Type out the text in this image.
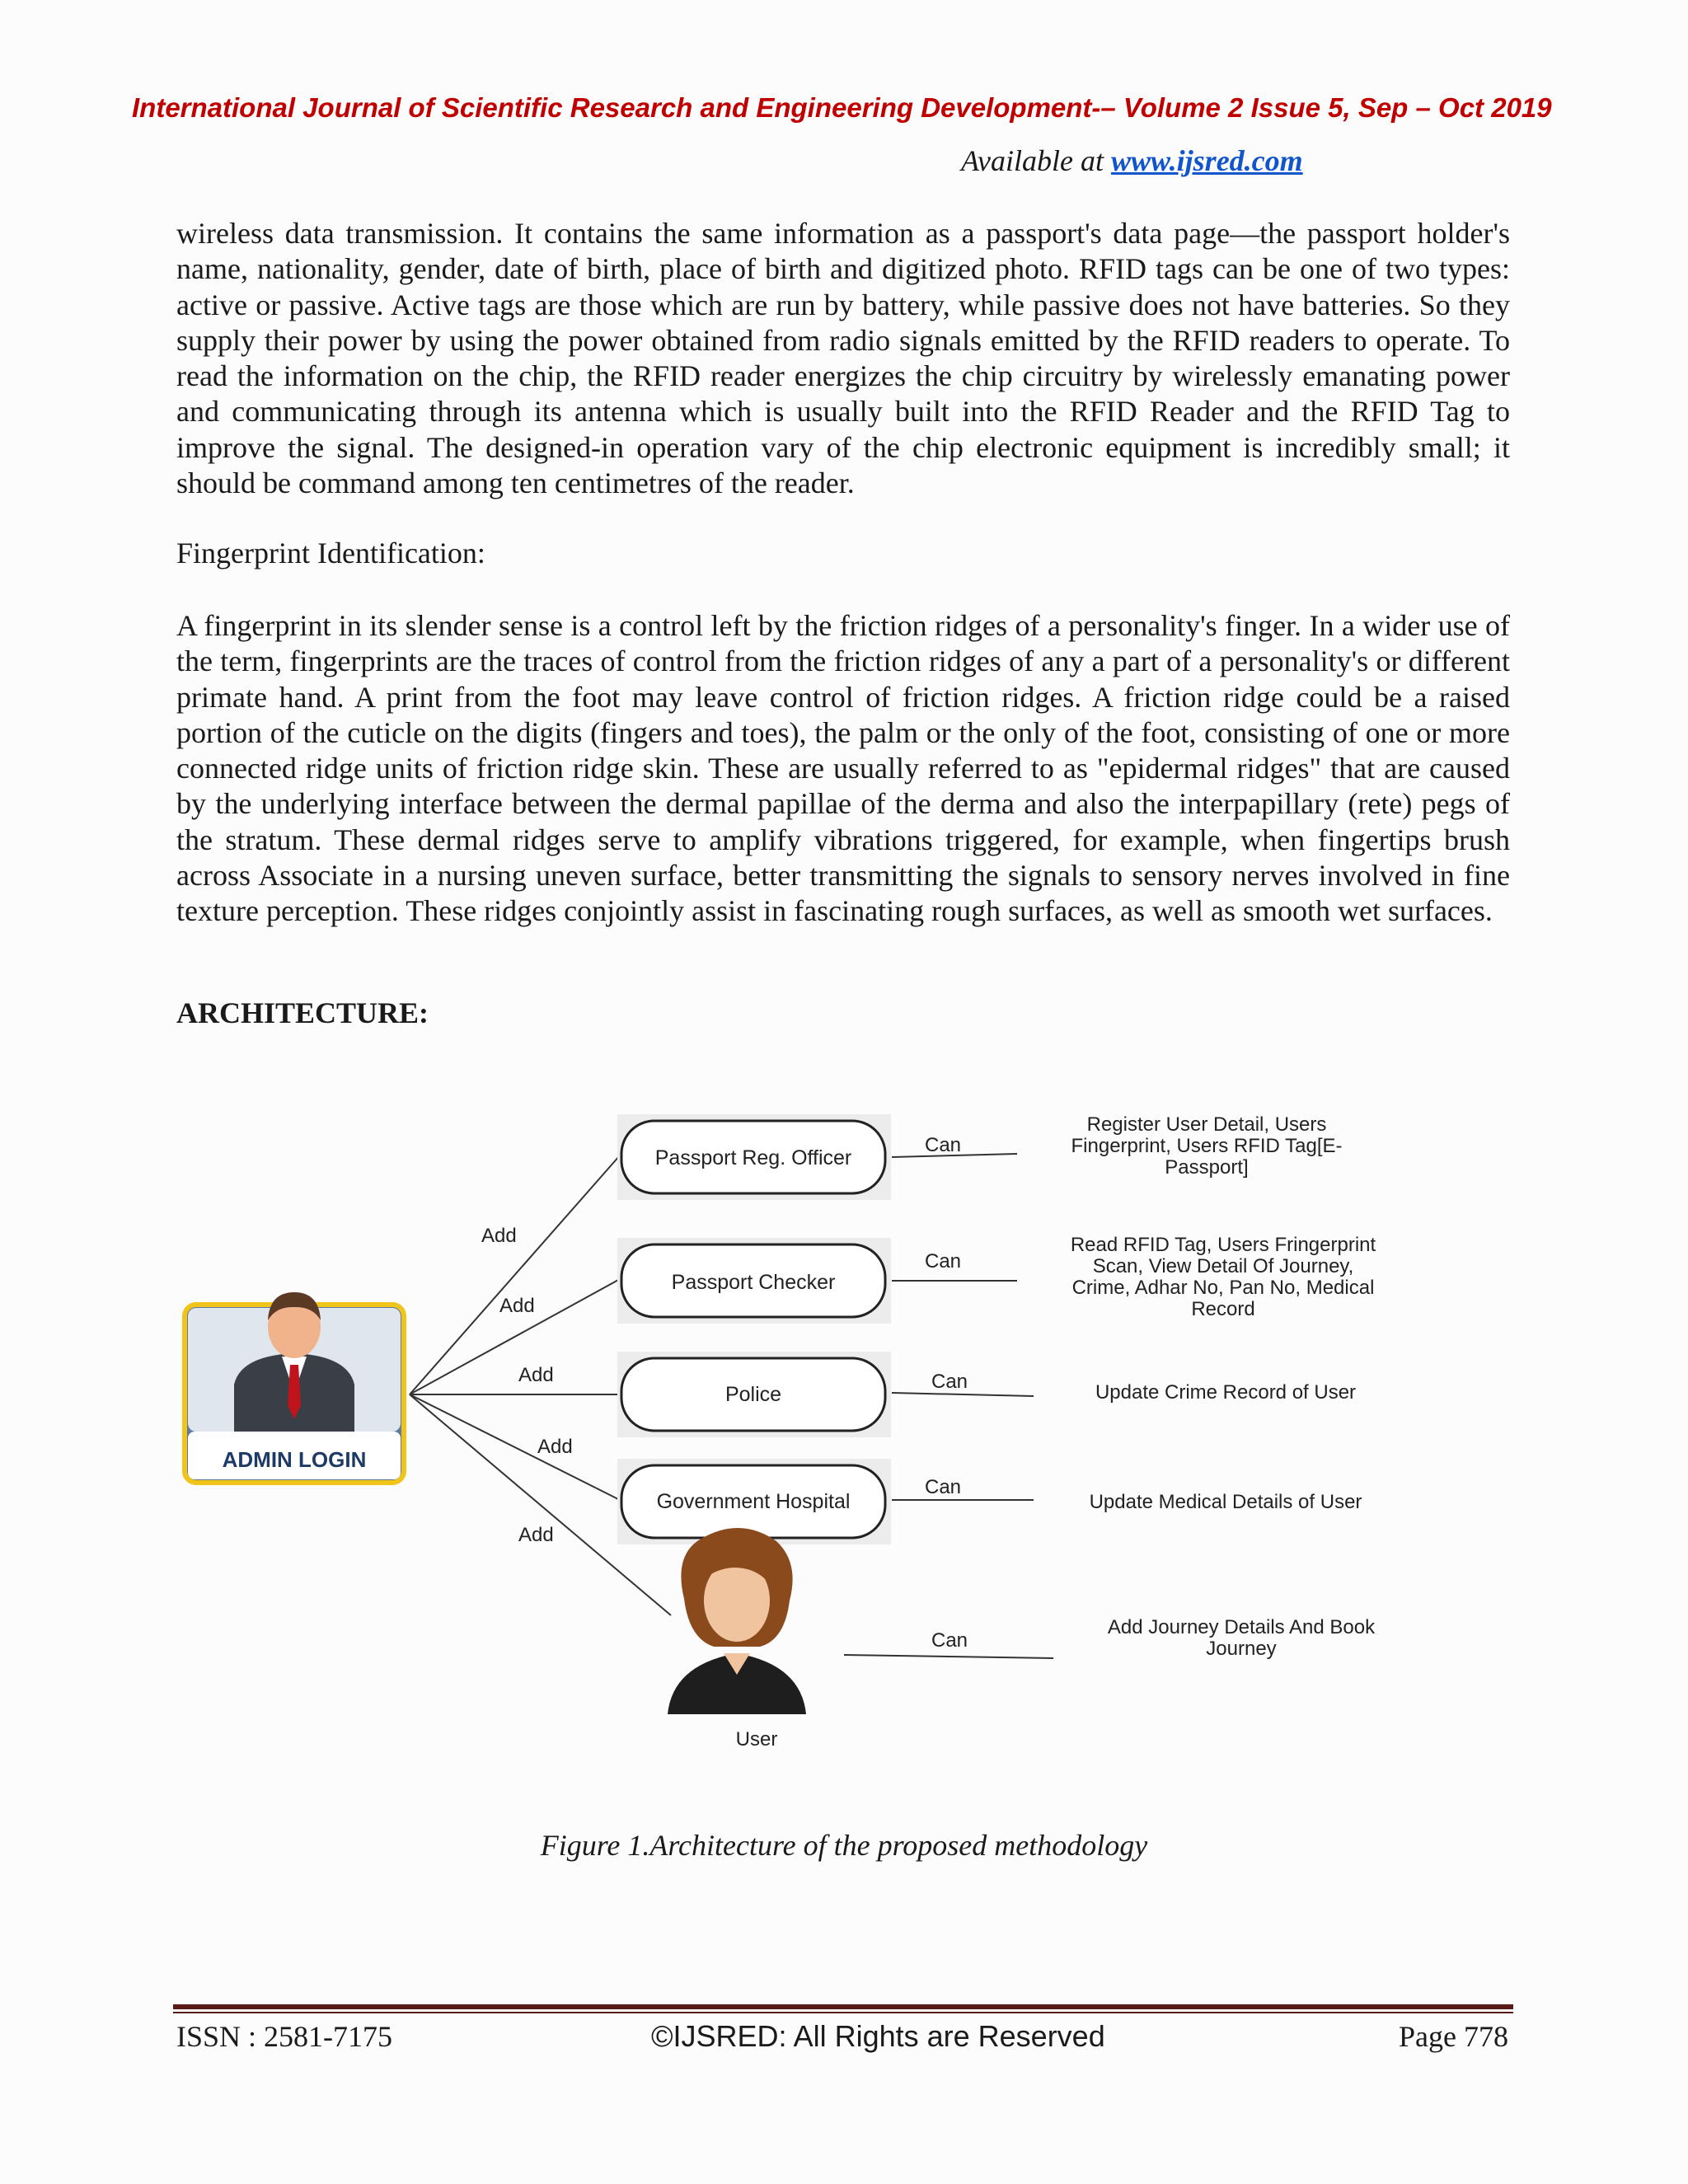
International Journal of Scientific Research and Engineering Development-– Volume 2 Issue 5, Sep – Oct 2019
Available at www.ijsred.com

wireless data transmission. It contains the same information as a passport's data page—the passport holder's name, nationality, gender, date of birth, place of birth and digitized photo. RFID tags can be one of two types: active or passive. Active tags are those which are run by battery, while passive does not have batteries. So they supply their power by using the power obtained from radio signals emitted by the RFID readers to operate. To read the information on the chip, the RFID reader energizes the chip circuitry by wirelessly emanating power and communicating through its antenna which is usually built into the RFID Reader and the RFID Tag to improve the signal. The designed-in operation vary of the chip electronic equipment is incredibly small; it should be command among ten centimetres of the reader.

Fingerprint Identification:

A fingerprint in its slender sense is a control left by the friction ridges of a personality's finger. In a wider use of the term, fingerprints are the traces of control from the friction ridges of any a part of a personality's or different primate hand. A print from the foot may leave control of friction ridges. A friction ridge could be a raised portion of the cuticle on the digits (fingers and toes), the palm or the only of the foot, consisting of one or more connected ridge units of friction ridge skin. These are usually referred to as "epidermal ridges" that are caused by the underlying interface between the dermal papillae of the derma and also the interpapillary (rete) pegs of the stratum. These dermal ridges serve to amplify vibrations triggered, for example, when fingertips brush across Associate in a nursing uneven surface, better transmitting the signals to sensory nerves involved in fine texture perception. These ridges conjointly assist in fascinating rough surfaces, as well as smooth wet surfaces.

ARCHITECTURE:

ADMIN LOGIN
Add
Add
Add
Add
Add
Passport Reg. Officer
Passport Checker
Police
Government Hospital
User
Can
Can
Can
Can
Can
Register User Detail, Users
Fingerprint, Users RFID Tag[E-
Passport]
Read RFID Tag, Users Fringerprint
Scan, View Detail Of Journey,
Crime, Adhar No, Pan No, Medical
Record
Update Crime Record of User
Update Medical Details of User
Add Journey Details And Book
Journey
Figure 1.Architecture of the proposed methodology
ISSN : 2581-7175	©IJSRED: All Rights are Reserved	Page 778
